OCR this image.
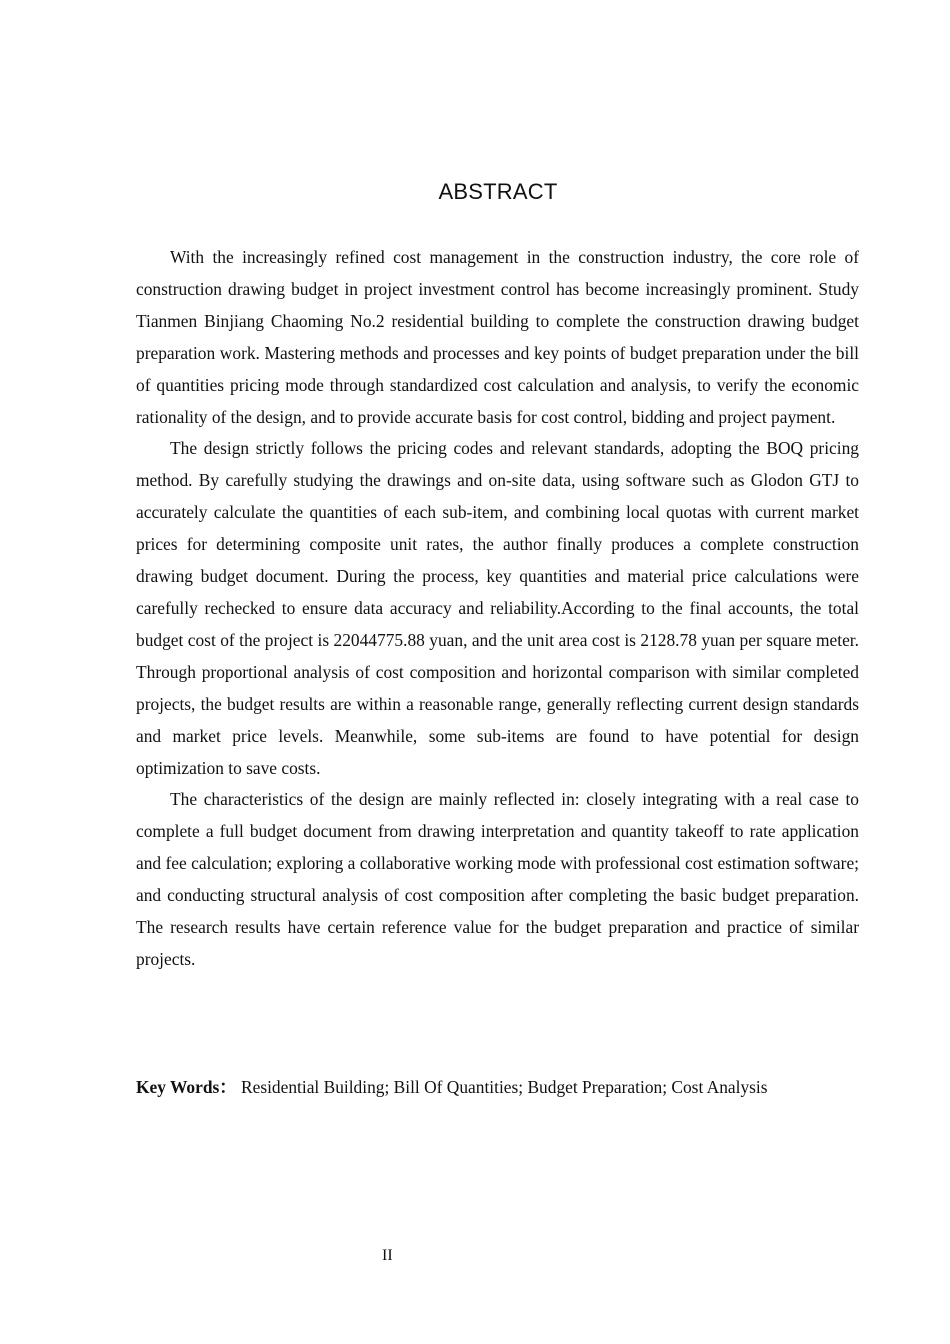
ABSTRACT

With the increasingly refined cost management in the construction industry, the core role of construction drawing budget in project investment control has become increasingly prominent. Study Tianmen Binjiang Chaoming No.2 residential building to complete the construction drawing budget preparation work. Mastering methods and processes and key points of budget preparation under the bill of quantities pricing mode through standardized cost calculation and analysis, to verify the economic rationality of the design, and to provide accurate basis for cost control, bidding and project payment.

The design strictly follows the pricing codes and relevant standards, adopting the BOQ pricing method. By carefully studying the drawings and on-site data, using software such as Glodon GTJ to accurately calculate the quantities of each sub-item, and combining local quotas with current market prices for determining composite unit rates, the author finally produces a complete construction drawing budget document. During the process, key quantities and material price calculations were carefully rechecked to ensure data accuracy and reliability.According to the final accounts, the total budget cost of the project is 22044775.88 yuan, and the unit area cost is 2128.78 yuan per square meter. Through proportional analysis of cost composition and horizontal comparison with similar completed projects, the budget results are within a reasonable range, generally reflecting current design standards and market price levels. Meanwhile, some sub-items are found to have potential for design optimization to save costs.

The characteristics of the design are mainly reflected in: closely integrating with a real case to complete a full budget document from drawing interpretation and quantity takeoff to rate application and fee calculation; exploring a collaborative working mode with professional cost estimation software; and conducting structural analysis of cost composition after completing the basic budget preparation. The research results have certain reference value for the budget preparation and practice of similar projects.

Key Words： Residential Building; Bill Of Quantities; Budget Preparation; Cost Analysis
II
